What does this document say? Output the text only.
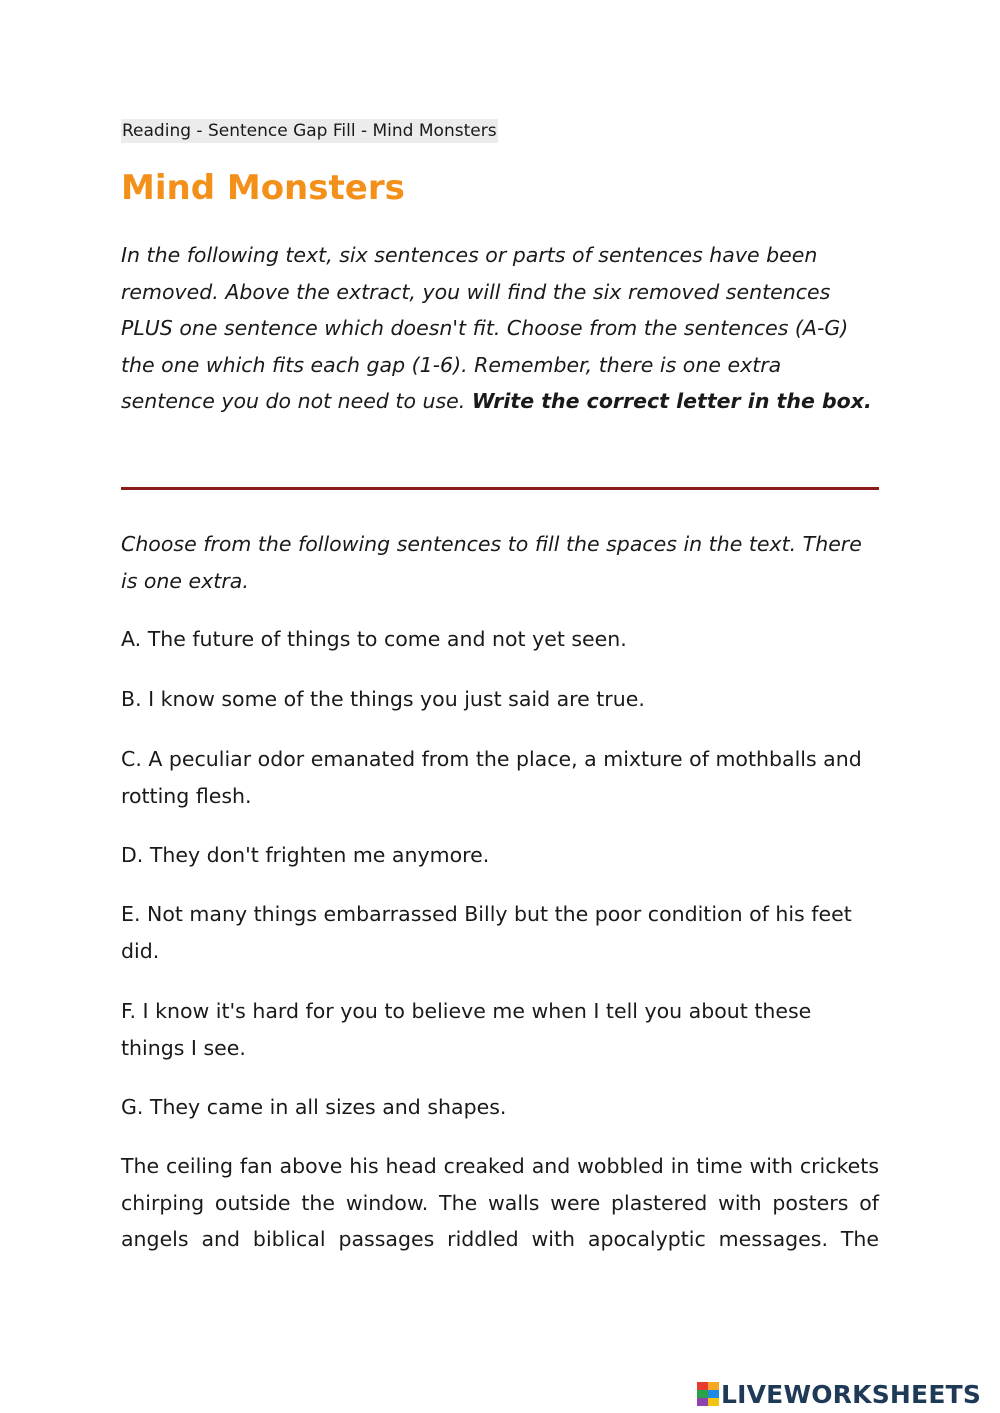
Reading - Sentence Gap Fill - Mind Monsters
Mind Monsters

In the following text, six sentences or parts of sentences have been removed. Above the extract, you will find the six removed sentences PLUS one sentence which doesn't fit. Choose from the sentences (A-G) the one which fits each gap (1-6). Remember, there is one extra sentence you do not need to use. Write the correct letter in the box.

Choose from the following sentences to fill the spaces in the text. There is one extra.

A. The future of things to come and not yet seen.

B. I know some of the things you just said are true.

C. A peculiar odor emanated from the place, a mixture of mothballs and rotting flesh.

D. They don't frighten me anymore.

E. Not many things embarrassed Billy but the poor condition of his feet did.

F. I know it's hard for you to believe me when I tell you about these things I see.

G. They came in all sizes and shapes.

The ceiling fan above his head creaked and wobbled in time with crickets chirping outside the window. The walls were plastered with posters of angels and biblical passages riddled with apocalyptic messages. The

LIVEWORKSHEETS
